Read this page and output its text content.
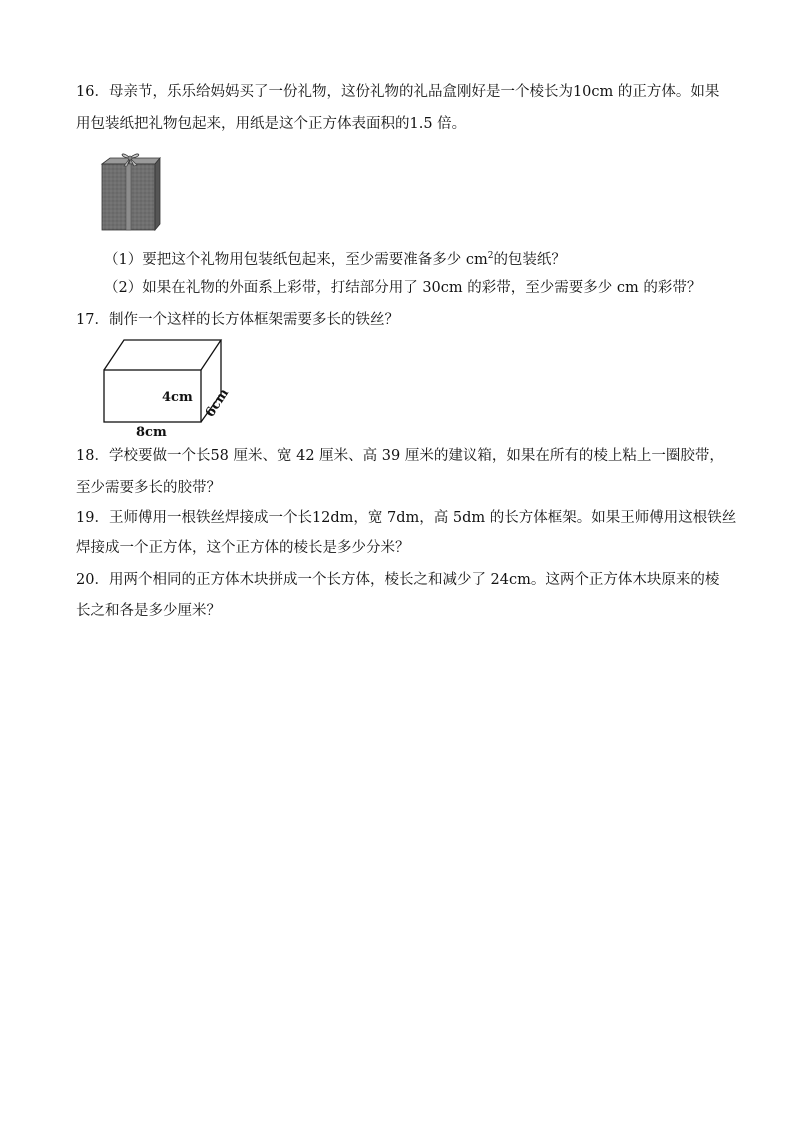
16．母亲节，乐乐给妈妈买了一份礼物，这份礼物的礼品盒刚好是一个棱长为10cm 的正方体。如果
用包装纸把礼物包起来，用纸是这个正方体表面积的1.5 倍。
（1）要把这个礼物用包装纸包起来，至少需要准备多少 $cm^2$的包装纸？
（2）如果在礼物的外面系上彩带，打结部分用了 30cm 的彩带，至少需要多少 cm 的彩带？
17．制作一个这样的长方体框架需要多长的铁丝？
4cm 6cm
8cm
18．学校要做一个长58 厘米、宽 42 厘米、高 39 厘米的建议箱，如果在所有的棱上粘上一圈胶带，
至少需要多长的胶带？
19．王师傅用一根铁丝焊接成一个长12dm，宽 7dm，高 5dm 的长方体框架。如果王师傅用这根铁丝
焊接成一个正方体，这个正方体的棱长是多少分米？
20．用两个相同的正方体木块拼成一个长方体，棱长之和减少了 24cm。这两个正方体木块原来的棱
长之和各是多少厘米？
